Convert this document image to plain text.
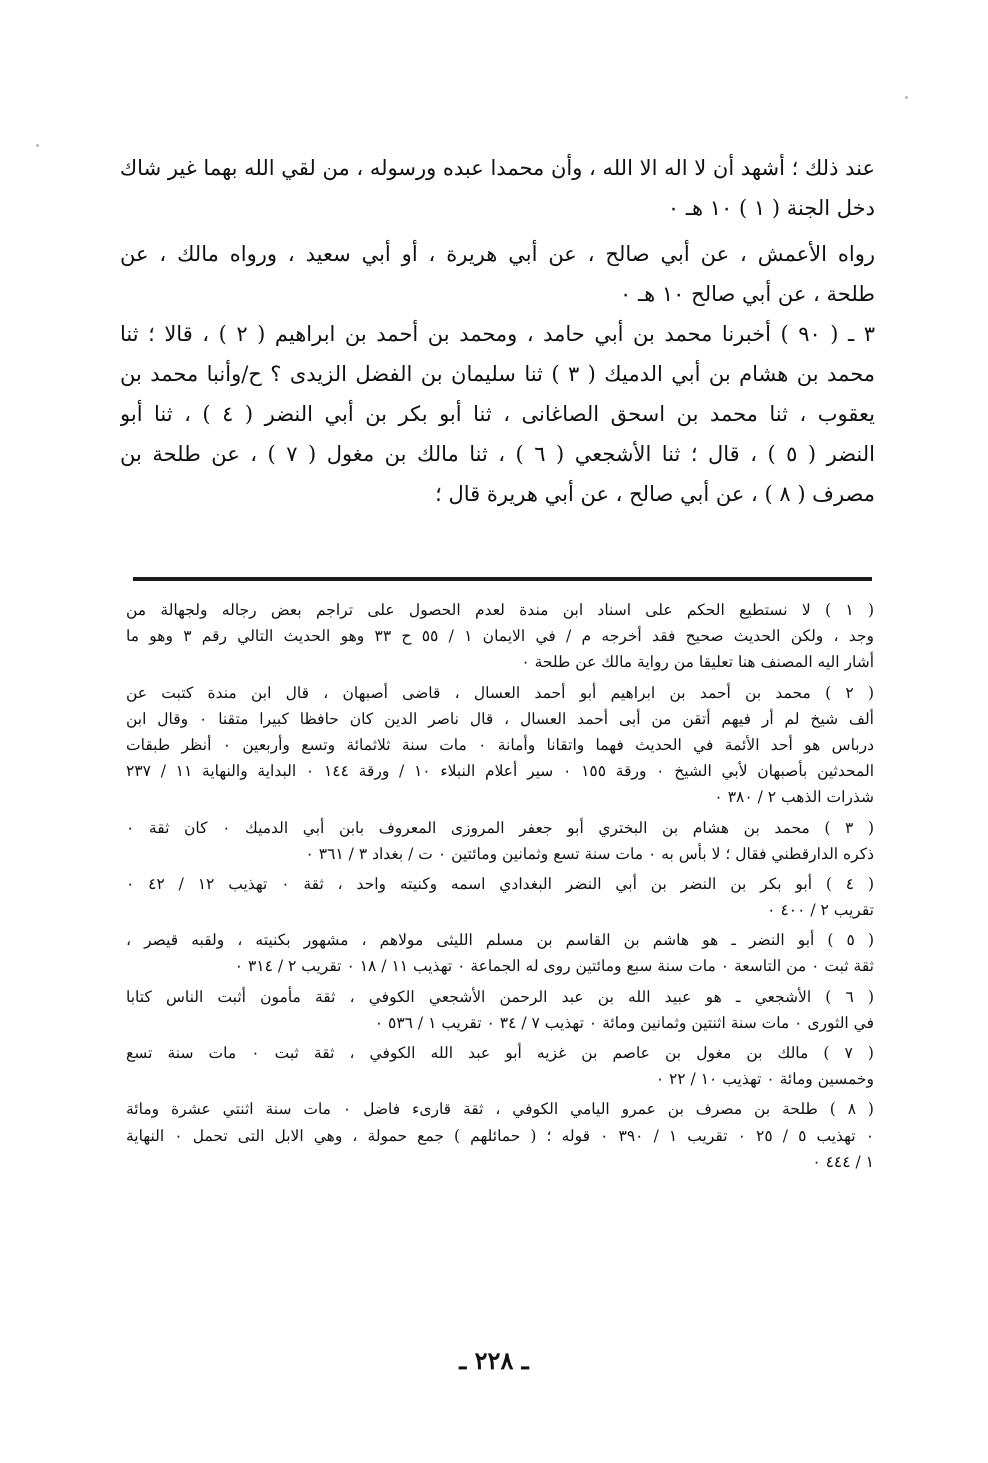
عند ذلك ؛ أشهد أن لا اله الا الله ، وأن محمدا عبده ورسوله ، من لقي الله بهما غير شاك
دخل الجنة ( ١ ) ١٠ هـ ٠
رواه الأعمش ، عن أبي صالح ، عن أبي هريرة ، أو أبي سعيد ، ورواه مالك ، عن
طلحة ، عن أبي صالح ١٠ هـ ٠
٣ ـ ( ٩٠ ) أخبرنا محمد بن أبي حامد ، ومحمد بن أحمد بن ابراهيم ( ٢ ) ، قالا ؛ ثنا
محمد بن هشام بن أبي الدميك ( ٣ ) ثنا سليمان بن الفضل الزيدى ؟ ح/وأنبا محمد بن
يعقوب ، ثنا محمد بن اسحق الصاغانى ، ثنا أبو بكر بن أبي النضر ( ٤ ) ، ثنا أبو
النضر ( ٥ ) ، قال ؛ ثنا الأشجعي ( ٦ ) ، ثنا مالك بن مغول ( ٧ ) ، عن طلحة بن
مصرف ( ٨ ) ، عن أبي صالح ، عن أبي هريرة قال ؛
( ١ ) لا نستطيع الحكم على اسناد ابن مندة لعدم الحصول على تراجم بعض رجاله ولجهالة من
وجد ، ولكن الحديث صحيح فقد أخرجه م / في الايمان ١ / ٥٥ ح ٣٣ وهو الحديث التالي رقم ٣ وهو ما
أشار اليه المصنف هنا تعليقا من رواية مالك عن طلحة ٠
( ٢ ) محمد بن أحمد بن ابراهيم أبو أحمد العسال ، قاضى أصبهان ، قال ابن مندة كتبت عن
ألف شيخ لم أر فيهم أتقن من أبى أحمد العسال ، قال ناصر الدين كان حافظا كبيرا متقنا ٠ وقال ابن
درباس هو أحد الأئمة في الحديث فهما واتقانا وأمانة ٠ مات سنة ثلاثمائة وتسع وأربعين ٠ أنظر طبقات
المحدثين بأصبهان لأبي الشيخ ٠ ورقة ١٥٥ ٠ سير أعلام النبلاء ١٠ / ورقة ١٤٤ ٠ البداية والنهاية ١١ / ٢٣٧
شذرات الذهب ٢ / ٣٨٠ ٠
( ٣ ) محمد بن هشام بن البختري أبو جعفر المروزى المعروف بابن أبي الدميك ٠ كان ثقة ٠
ذكره الدارقطني فقال ؛ لا بأس به ٠ مات سنة تسع وثمانين ومائتين ٠ ت / بغداد ٣ / ٣٦١ ٠
( ٤ ) أبو بكر بن النضر بن أبي النضر البغدادي اسمه وكنيته واحد ، ثقة ٠ تهذيب ١٢ / ٤٢ ٠
تقريب ٢ / ٤٠٠ ٠
( ٥ ) أبو النضر ـ هو هاشم بن القاسم بن مسلم الليثى مولاهم ، مشهور بكنيته ، ولقبه قيصر ،
ثقة ثبت ٠ من التاسعة ٠ مات سنة سبع ومائتين روى له الجماعة ٠ تهذيب ١١ / ١٨ ٠ تقريب ٢ / ٣١٤ ٠
( ٦ ) الأشجعي ـ هو عبيد الله بن عبد الرحمن الأشجعي الكوفي ، ثقة مأمون أثبت الناس كتابا
في الثورى ٠ مات سنة اثنتين وثمانين ومائة ٠ تهذيب ٧ / ٣٤ ٠ تقريب ١ / ٥٣٦ ٠
( ٧ ) مالك بن مغول بن عاصم بن غزيه أبو عبد الله الكوفي ، ثقة ثبت ٠ مات سنة تسع
وخمسين ومائة ٠ تهذيب ١٠ / ٢٢ ٠
( ٨ ) طلحة بن مصرف بن عمرو اليامي الكوفي ، ثقة قارىء فاضل ٠ مات سنة اثنتي عشرة ومائة
٠ تهذيب ٥ / ٢٥ ٠ تقريب ١ / ٣٩٠ ٠ قوله ؛ ( حمائلهم ) جمع حمولة ، وهي الابل التى تحمل ٠ النهاية
١ / ٤٤٤ ٠
ـ ٢٢٨ ـ
